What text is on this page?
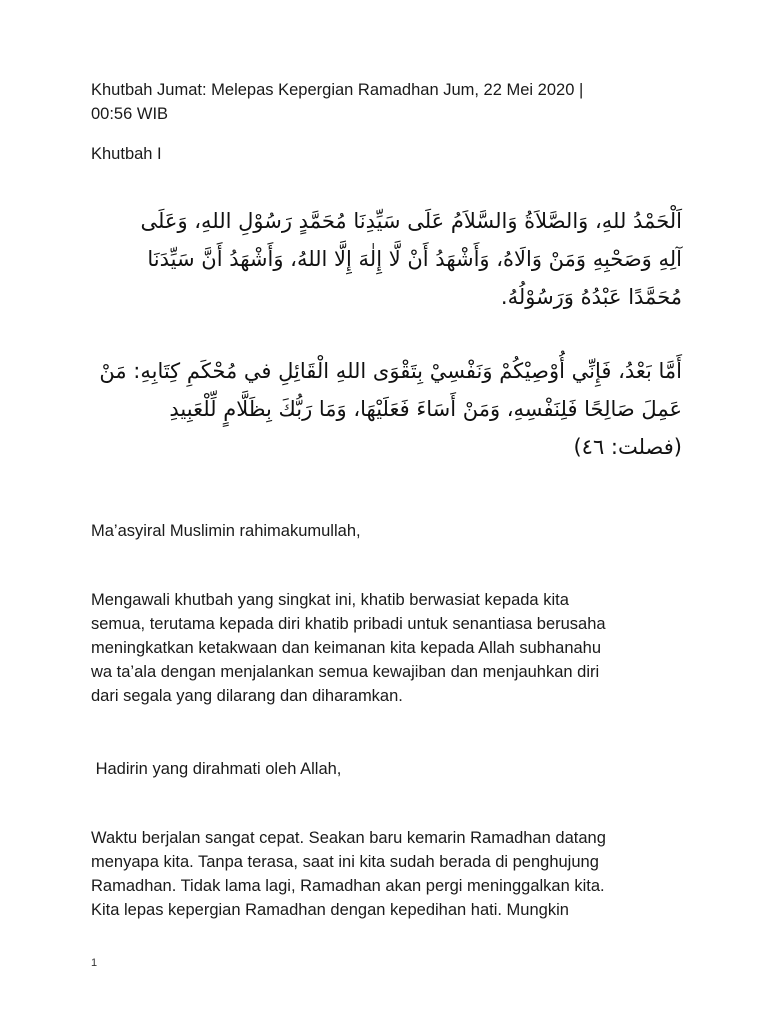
Khutbah Jumat: Melepas Kepergian Ramadhan Jum, 22 Mei 2020 |
00:56 WIB
Khutbah I
اَلْحَمْدُ للهِ، وَالصَّلاَةُ وَالسَّلاَمُ عَلَى سَيِّدِنَا مُحَمَّدٍ رَسُوْلِ اللهِ، وَعَلَى
آلِهِ وَصَحْبِهِ وَمَنْ وَالَاهُ، وَأَشْهَدُ أَنْ لَّا إِلٰهَ إِلَّا اللهُ، وَأَشْهَدُ أَنَّ سَيِّدَنَا
مُحَمَّدًا عَبْدُهُ وَرَسُوْلُهُ.
أَمَّا بَعْدُ، فَإِنِّي أُوْصِيْكُمْ وَنَفْسِيْ بِتَقْوَى اللهِ الْقَائِلِ في مُحْكَمِ كِتَابِهِ: مَنْ
عَمِلَ صَالِحًا فَلِنَفْسِهِ، وَمَنْ أَسَاءَ فَعَلَيْهَا، وَمَا رَبُّكَ بِظَلَّامٍ لِّلْعَبِيدِ
(فصلت: ٤٦)
Ma’asyiral Muslimin rahimakumullah,
Mengawali khutbah yang singkat ini, khatib berwasiat kepada kita
semua, terutama kepada diri khatib pribadi untuk senantiasa berusaha
meningkatkan ketakwaan dan keimanan kita kepada Allah subhanahu
wa ta’ala dengan menjalankan semua kewajiban dan menjauhkan diri
dari segala yang dilarang dan diharamkan.
Hadirin yang dirahmati oleh Allah,
Waktu berjalan sangat cepat. Seakan baru kemarin Ramadhan datang
menyapa kita. Tanpa terasa, saat ini kita sudah berada di penghujung
Ramadhan. Tidak lama lagi, Ramadhan akan pergi meninggalkan kita.
Kita lepas kepergian Ramadhan dengan kepedihan hati. Mungkin
1
